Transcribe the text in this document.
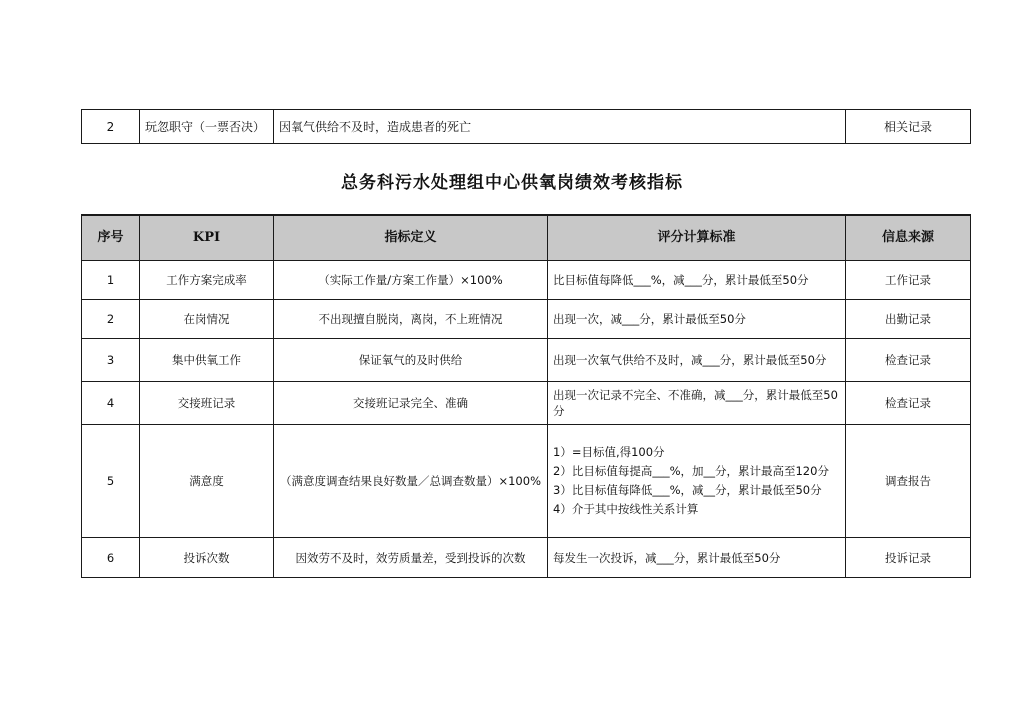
2	玩忽职守（一票否决）	因氧气供给不及时，造成患者的死亡	相关记录
总务科污水处理组中心供氧岗绩效考核指标
序号	KPI	指标定义	评分计算标准	信息来源
1	工作方案完成率	（实际工作量/方案工作量）×100%	比目标值每降低___%，减___分，累计最低至50分	工作记录
2	在岗情况	不出现擅自脱岗，离岗，不上班情况	出现一次，减___分，累计最低至50分	出勤记录
3	集中供氧工作	保证氧气的及时供给	出现一次氧气供给不及时，减___分，累计最低至50分	检查记录
4	交接班记录	交接班记录完全、准确	出现一次记录不完全、不准确，减___分，累计最低至50分	检查记录
5	满意度	（满意度调查结果良好数量／总调查数量）×100%	1）=目标值,得100分
2）比目标值每提高___%，加__分，累计最高至120分
3）比目标值每降低___%，减__分，累计最低至50分
4）介于其中按线性关系计算	调查报告
6	投诉次数	因效劳不及时，效劳质量差，受到投诉的次数	每发生一次投诉，减___分，累计最低至50分	投诉记录
